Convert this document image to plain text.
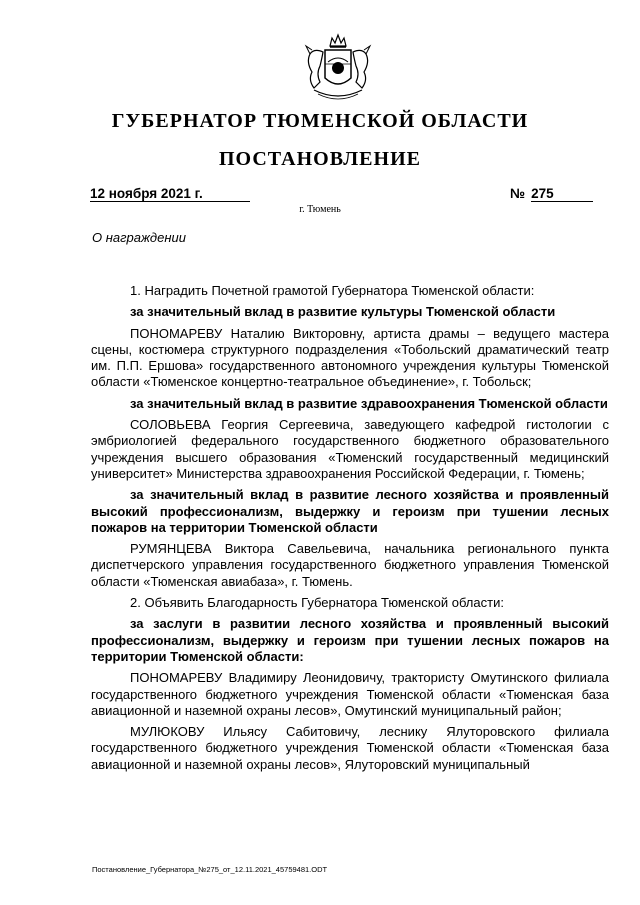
ГУБЕРНАТОР ТЮМЕНСКОЙ ОБЛАСТИ
ПОСТАНОВЛЕНИЕ
12 ноября 2021 г.	№ 275
г. Тюмень
О награждении

1. Наградить Почетной грамотой Губернатора Тюменской области:

за значительный вклад в развитие культуры Тюменской области

ПОНОМАРЕВУ Наталию Викторовну, артиста драмы – ведущего мастера сцены, костюмера структурного подразделения «Тобольский драматический театр им. П.П. Ершова» государственного автономного учреждения культуры Тюменской области «Тюменское концертно-театральное объединение», г. Тобольск;

за значительный вклад в развитие здравоохранения Тюменской области

СОЛОВЬЕВА Георгия Сергеевича, заведующего кафедрой гистологии с эмбриологией федерального государственного бюджетного образовательного учреждения высшего образования «Тюменский государственный медицинский университет» Министерства здравоохранения Российской Федерации, г. Тюмень;

за значительный вклад в развитие лесного хозяйства и проявленный высокий профессионализм, выдержку и героизм при тушении лесных пожаров на территории Тюменской области

РУМЯНЦЕВА Виктора Савельевича, начальника регионального пункта диспетчерского управления государственного бюджетного управления Тюменской области «Тюменская авиабаза», г. Тюмень.

2. Объявить Благодарность Губернатора Тюменской области:

за заслуги в развитии лесного хозяйства и проявленный высокий профессионализм, выдержку и героизм при тушении лесных пожаров на территории Тюменской области:

ПОНОМАРЕВУ Владимиру Леонидовичу, трактористу Омутинского филиала государственного бюджетного учреждения Тюменской области «Тюменская база авиационной и наземной охраны лесов», Омутинский муниципальный район;

МУЛЮКОВУ Ильясу Сабитовичу, леснику Ялуторовского филиала государственного бюджетного учреждения Тюменской области «Тюменская база авиационной и наземной охраны лесов», Ялуторовский муниципальный

Постановление_Губернатора_№275_от_12.11.2021_45759481.ODT
